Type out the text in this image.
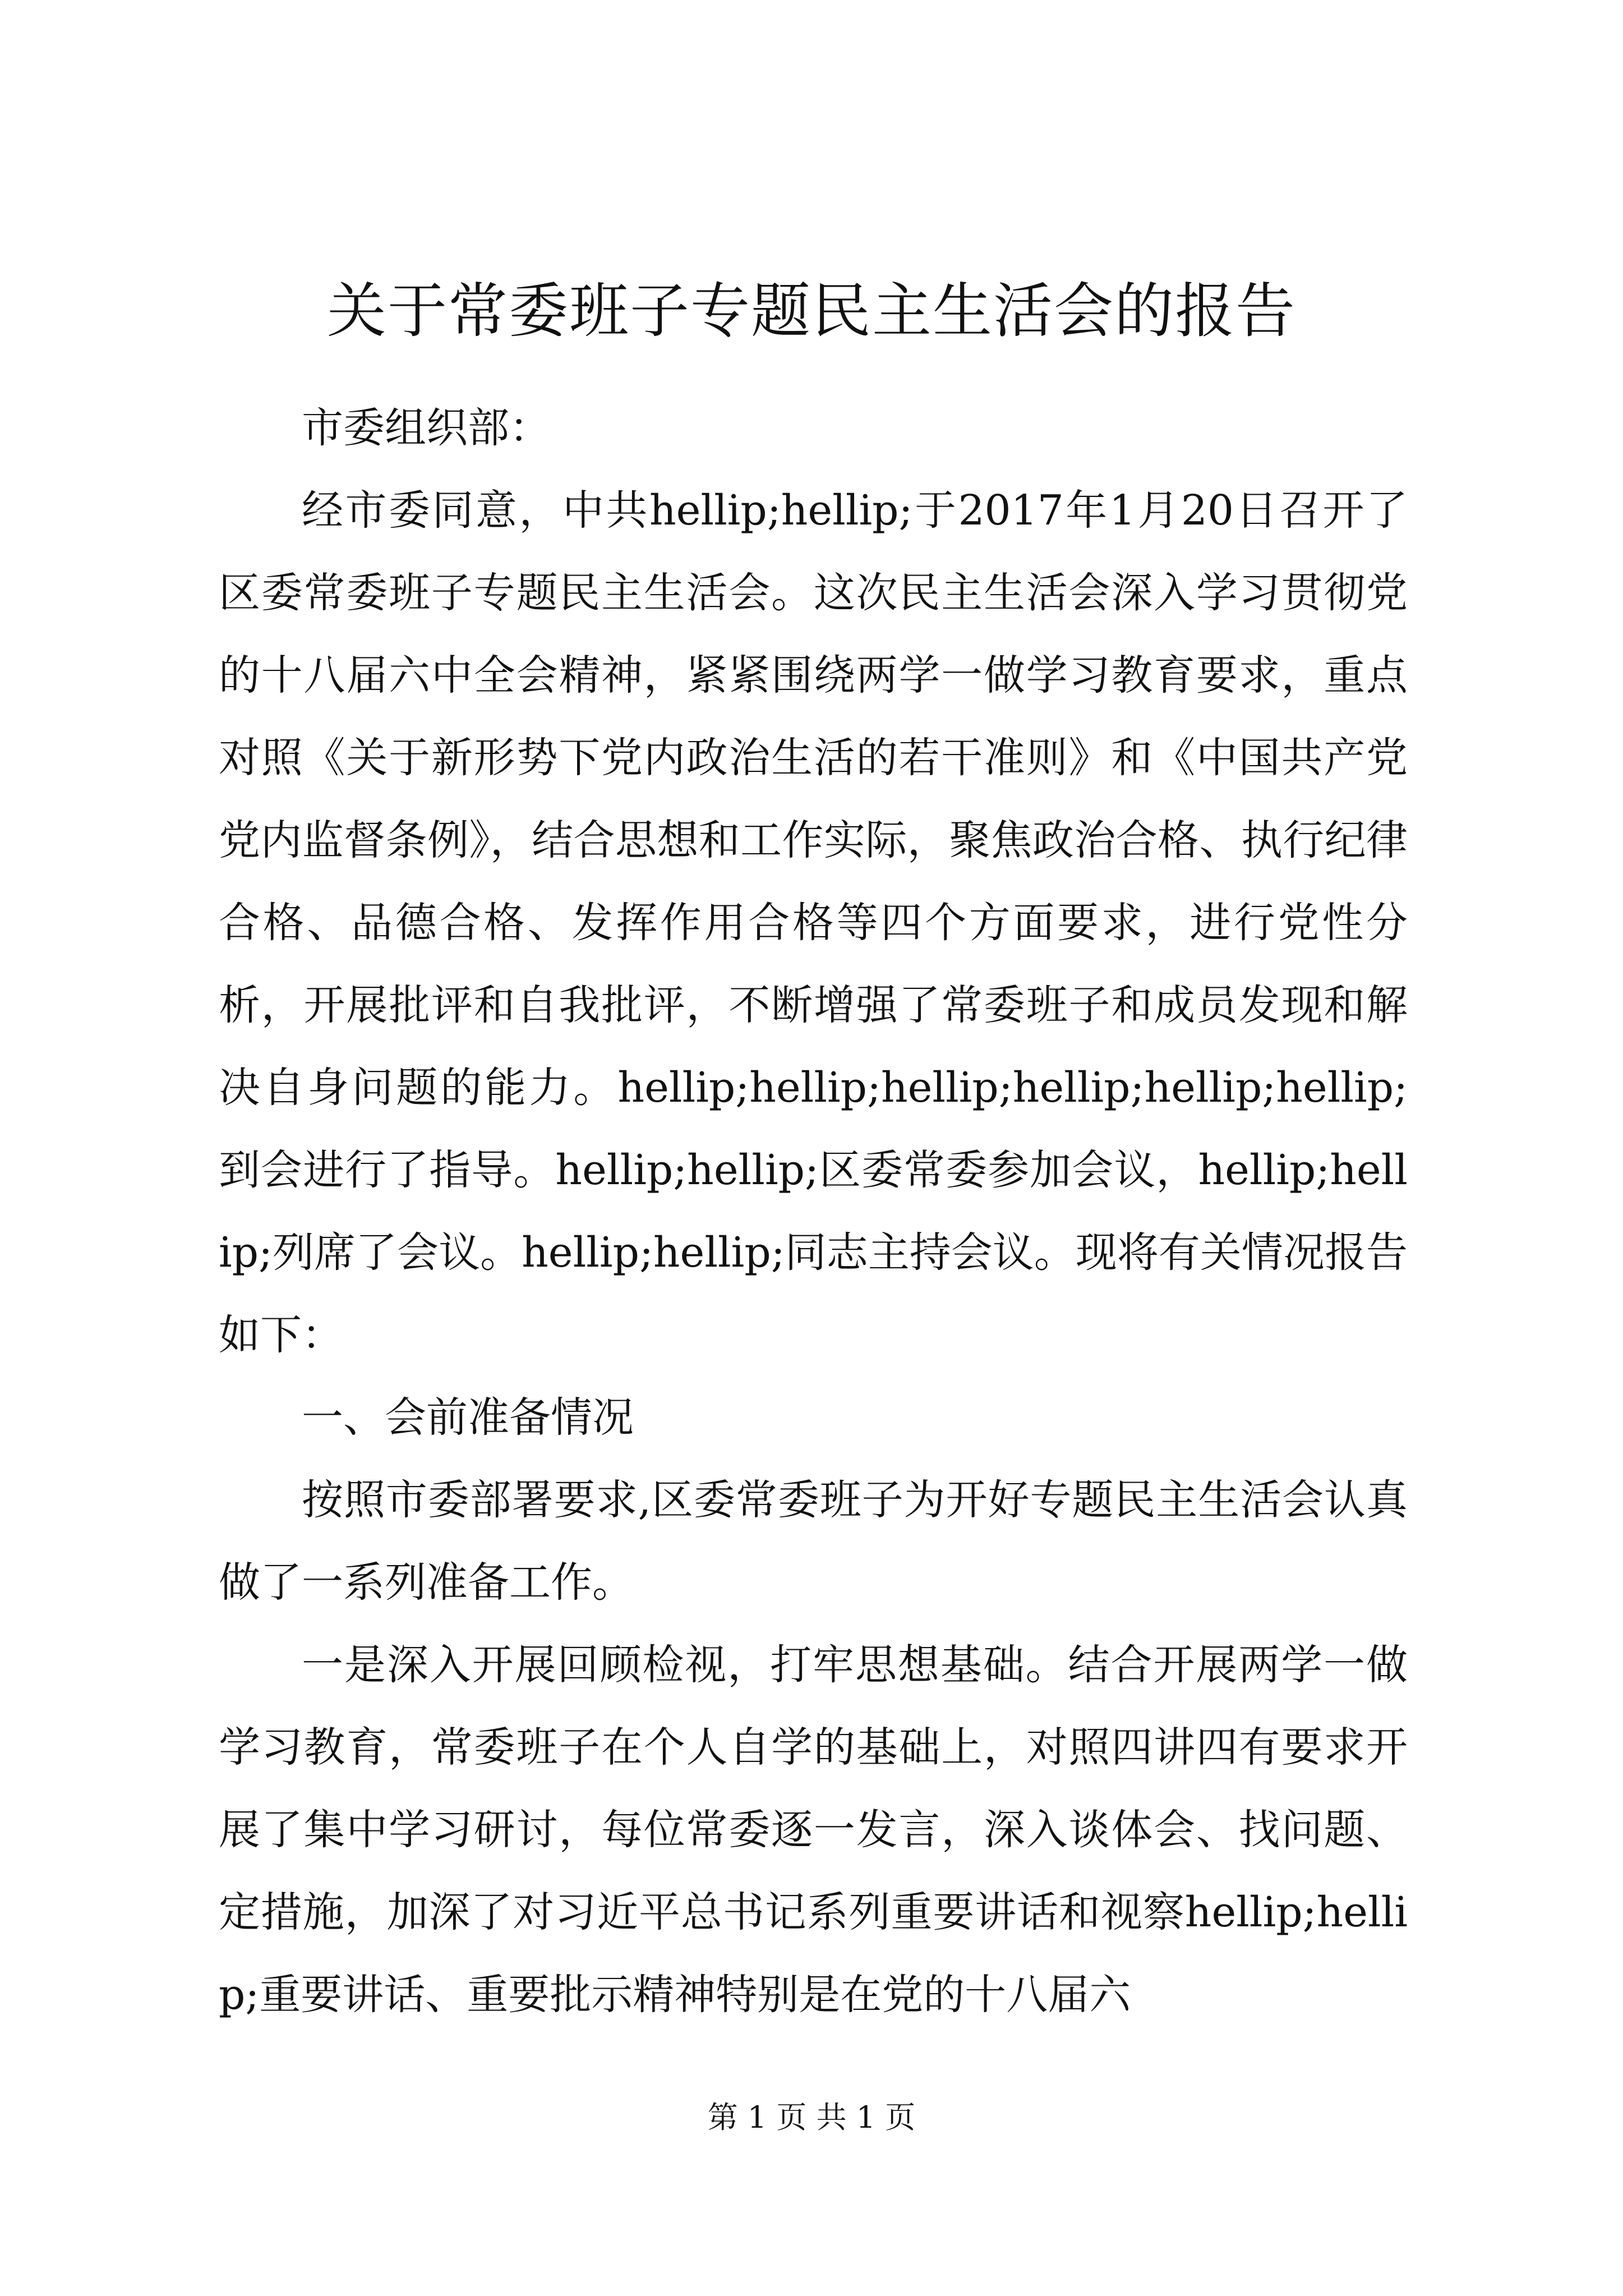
关于常委班子专题民主生活会的报告

市委组织部：

经市委同意，中共hellip;hellip;于2017年1月20日召开了区委常委班子专题民主生活会。这次民主生活会深入学习贯彻党的十八届六中全会精神，紧紧围绕两学一做学习教育要求，重点对照《关于新形势下党内政治生活的若干准则》和《中国共产党党内监督条例》，结合思想和工作实际，聚焦政治合格、执行纪律合格、品德合格、发挥作用合格等四个方面要求，进行党性分析，开展批评和自我批评，不断增强了常委班子和成员发现和解决自身问题的能力。hellip;hellip;hellip;hellip;hellip;hellip;到会进行了指导。hellip;hellip;区委常委参加会议，hellip;hellip;列席了会议。hellip;hellip;同志主持会议。现将有关情况报告如下：

一、会前准备情况

按照市委部署要求,区委常委班子为开好专题民主生活会认真做了一系列准备工作。

一是深入开展回顾检视，打牢思想基础。结合开展两学一做学习教育，常委班子在个人自学的基础上，对照四讲四有要求开展了集中学习研讨，每位常委逐一发言，深入谈体会、找问题、定措施，加深了对习近平总书记系列重要讲话和视察hellip;hellip;重要讲话、重要批示精神特别是在党的十八届六

第 1 页 共 1 页
